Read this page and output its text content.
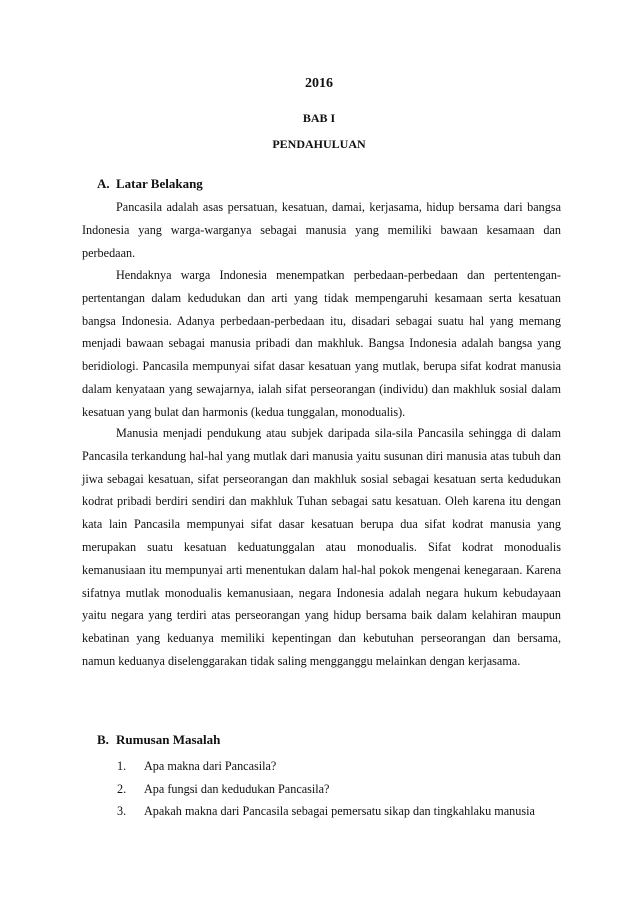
2016
BAB I
PENDAHULUAN
A. Latar Belakang

Pancasila adalah asas persatuan, kesatuan, damai, kerjasama, hidup bersama dari bangsa Indonesia yang warga-warganya sebagai manusia yang memiliki bawaan kesamaan dan perbedaan.

Hendaknya warga Indonesia menempatkan perbedaan-perbedaan dan pertentengan-pertentangan dalam kedudukan dan arti yang tidak mempengaruhi kesamaan serta kesatuan bangsa Indonesia. Adanya perbedaan-perbedaan itu, disadari sebagai suatu hal yang memang menjadi bawaan sebagai manusia pribadi dan makhluk. Bangsa Indonesia adalah bangsa yang beridiologi. Pancasila mempunyai sifat dasar kesatuan yang mutlak, berupa sifat kodrat manusia dalam kenyataan yang sewajarnya, ialah sifat perseorangan (individu) dan makhluk sosial dalam kesatuan yang bulat dan harmonis (kedua tunggalan, monodualis).

Manusia menjadi pendukung atau subjek daripada sila-sila Pancasila sehingga di dalam Pancasila terkandung hal-hal yang mutlak dari manusia yaitu susunan diri manusia atas tubuh dan jiwa sebagai kesatuan, sifat perseorangan dan makhluk sosial sebagai kesatuan serta kedudukan kodrat pribadi berdiri sendiri dan makhluk Tuhan sebagai satu kesatuan. Oleh karena itu dengan kata lain Pancasila mempunyai sifat dasar kesatuan berupa dua sifat kodrat manusia yang merupakan suatu kesatuan keduatunggalan atau monodualis. Sifat kodrat monodualis kemanusiaan itu mempunyai arti menentukan dalam hal-hal pokok mengenai kenegaraan. Karena sifatnya mutlak monodualis kemanusiaan, negara Indonesia adalah negara hukum kebudayaan yaitu negara yang terdiri atas perseorangan yang hidup bersama baik dalam kelahiran maupun kebatinan yang keduanya memiliki kepentingan dan kebutuhan perseorangan dan bersama, namun keduanya diselenggarakan tidak saling mengganggu melainkan dengan kerjasama.

B. Rumusan Masalah
1. Apa makna dari Pancasila?
2. Apa fungsi dan kedudukan Pancasila?
3. Apakah makna dari Pancasila sebagai pemersatu sikap dan tingkahlaku manusia
